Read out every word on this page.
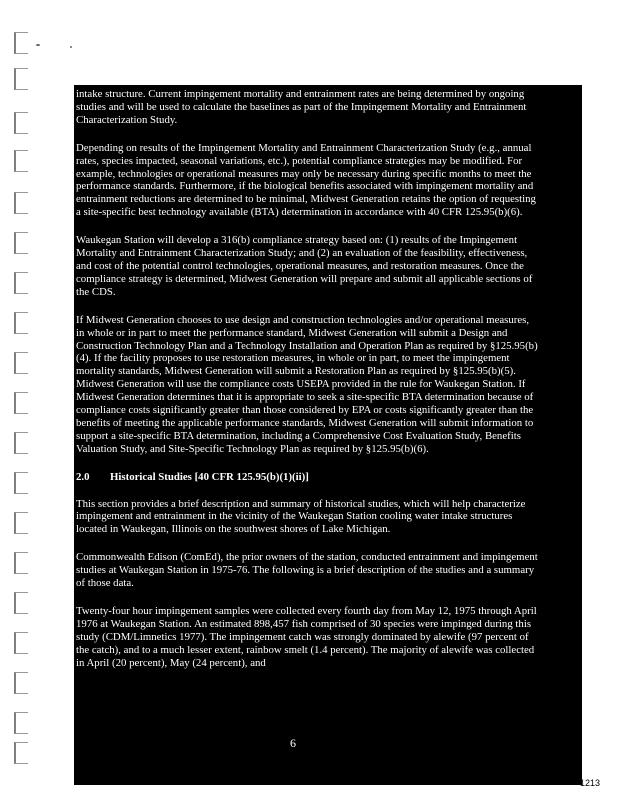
intake structure. Current impingement mortality and entrainment rates are being determined by ongoing studies and will be used to calculate the baselines as part of the Impingement Mortality and Entrainment Characterization Study.

Depending on results of the Impingement Mortality and Entrainment Characterization Study (e.g., annual rates, species impacted, seasonal variations, etc.), potential compliance strategies may be modified. For example, technologies or operational measures may only be necessary during specific months to meet the performance standards. Furthermore, if the biological benefits associated with impingement mortality and entrainment reductions are determined to be minimal, Midwest Generation retains the option of requesting a site-specific best technology available (BTA) determination in accordance with 40 CFR 125.95(b)(6).

Waukegan Station will develop a 316(b) compliance strategy based on: (1) results of the Impingement Mortality and Entrainment Characterization Study; and (2) an evaluation of the feasibility, effectiveness, and cost of the potential control technologies, operational measures, and restoration measures. Once the compliance strategy is determined, Midwest Generation will prepare and submit all applicable sections of the CDS.

If Midwest Generation chooses to use design and construction technologies and/or operational measures, in whole or in part to meet the performance standard, Midwest Generation will submit a Design and Construction Technology Plan and a Technology Installation and Operation Plan as required by §125.95(b)(4). If the facility proposes to use restoration measures, in whole or in part, to meet the impingement mortality standards, Midwest Generation will submit a Restoration Plan as required by §125.95(b)(5). Midwest Generation will use the compliance costs USEPA provided in the rule for Waukegan Station. If Midwest Generation determines that it is appropriate to seek a site-specific BTA determination because of compliance costs significantly greater than those considered by EPA or costs significantly greater than the benefits of meeting the applicable performance standards, Midwest Generation will submit information to support a site-specific BTA determination, including a Comprehensive Cost Evaluation Study, Benefits Valuation Study, and Site-Specific Technology Plan as required by §125.95(b)(6).

2.0	Historical Studies [40 CFR 125.95(b)(1)(ii)]

This section provides a brief description and summary of historical studies, which will help characterize impingement and entrainment in the vicinity of the Waukegan Station cooling water intake structures located in Waukegan, Illinois on the southwest shores of Lake Michigan.

Commonwealth Edison (ComEd), the prior owners of the station, conducted entrainment and impingement studies at Waukegan Station in 1975-76. The following is a brief description of the studies and a summary of those data.

Twenty-four hour impingement samples were collected every fourth day from May 12, 1975 through April 1976 at Waukegan Station. An estimated 898,457 fish comprised of 30 species were impinged during this study (CDM/Limnetics 1977). The impingement catch was strongly dominated by alewife (97 percent of the catch), and to a much lesser extent, rainbow smelt (1.4 percent). The majority of alewife was collected in April (20 percent), May (24 percent), and

6
1213
